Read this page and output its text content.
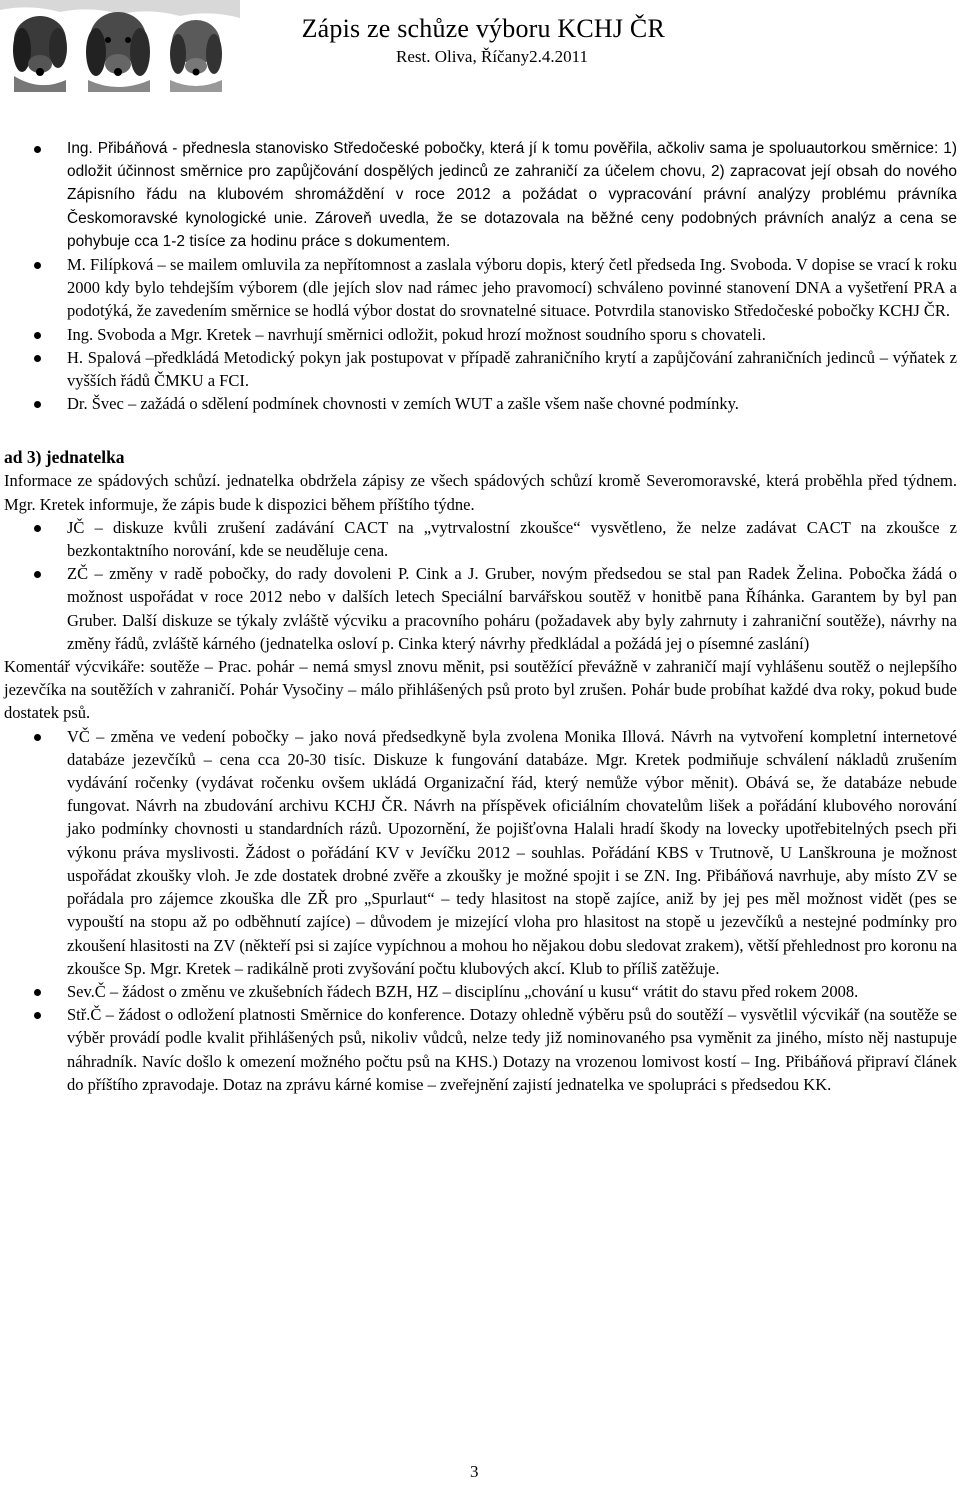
Zápis ze schůze výboru KCHJ ČR
Rest. Oliva, Říčany2.4.2011
Ing. Přibáňová - přednesla stanovisko Středočeské pobočky, která jí k tomu pověřila, ačkoliv sama je spoluautorkou směrnice: 1) odložit účinnost směrnice pro zapůjčování dospělých jedinců ze zahraničí za účelem chovu, 2) zapracovat její obsah do nového Zápisního řádu na klubovém shromáždění v roce 2012 a požádat o vypracování právní analýzy problému právníka Českomoravské kynologické unie. Zároveň uvedla, že se dotazovala na běžné ceny podobných právních analýz a cena se pohybuje cca 1-2 tisíce za hodinu práce s dokumentem.
M. Filípková – se mailem omluvila za nepřítomnost a zaslala výboru dopis, který četl předseda Ing. Svoboda. V dopise se vrací k roku 2000 kdy bylo tehdejším výborem (dle jejích slov nad rámec jeho pravomocí) schváleno povinné stanovení DNA a vyšetření PRA a podotýká, že zavedením směrnice se hodlá výbor dostat do srovnatelné situace. Potvrdila stanovisko Středočeské pobočky KCHJ ČR.
Ing. Svoboda a Mgr. Kretek – navrhují směrnici odložit, pokud hrozí možnost soudního sporu s chovateli.
H. Spalová –předkládá Metodický pokyn jak postupovat v případě zahraničního krytí a zapůjčování zahraničních jedinců – výňatek z vyšších řádů ČMKU a FCI.
Dr. Švec – zažádá o sdělení podmínek chovnosti v zemích WUT a zašle všem naše chovné podmínky.
ad 3) jednatelka

Informace ze spádových schůzí. jednatelka obdržela zápisy ze všech spádových schůzí kromě Severomoravské, která proběhla před týdnem. Mgr. Kretek informuje, že zápis bude k dispozici během příštího týdne.

JČ – diskuze kvůli zrušení zadávání CACT na „vytrvalostní zkoušce“ vysvětleno, že nelze zadávat CACT na zkoušce z bezkontaktního norování, kde se neuděluje cena.
ZČ – změny v radě pobočky, do rady dovoleni P. Cink a J. Gruber, novým předsedou se stal pan Radek Želina. Pobočka žádá o možnost uspořádat v roce 2012 nebo v dalších letech Speciální barvářskou soutěž v honitbě pana Říhánka. Garantem by byl pan Gruber. Další diskuze se týkaly zvláště výcviku a pracovního poháru (požadavek aby byly zahrnuty i zahraniční soutěže), návrhy na změny řádů, zvláště kárného (jednatelka osloví p. Cinka který návrhy předkládal a požádá jej o písemné zaslání)

Komentář výcvikáře: soutěže – Prac. pohár – nemá smysl znovu měnit, psi soutěžící převážně v zahraničí mají vyhlášenu soutěž o nejlepšího jezevčíka na soutěžích v zahraničí. Pohár Vysočiny – málo přihlášených psů proto byl zrušen. Pohár bude probíhat každé dva roky, pokud bude dostatek psů.

VČ – změna ve vedení pobočky – jako nová předsedkyně byla zvolena Monika Illová. Návrh na vytvoření kompletní internetové databáze jezevčíků – cena cca 20-30 tisíc. Diskuze k fungování databáze. Mgr. Kretek podmiňuje schválení nákladů zrušením vydávání ročenky (vydávat ročenku ovšem ukládá Organizační řád, který nemůže výbor měnit). Obává se, že databáze nebude fungovat. Návrh na zbudování archivu KCHJ ČR. Návrh na příspěvek oficiálním chovatelům lišek a pořádání klubového norování jako podmínky chovnosti u standardních rázů. Upozornění, že pojišťovna Halali hradí škody na lovecky upotřebitelných psech při výkonu práva myslivosti. Žádost o pořádání KV v Jevíčku 2012 – souhlas. Pořádání KBS v Trutnově, U Lanškrouna je možnost uspořádat zkoušky vloh. Je zde dostatek drobné zvěře a zkoušky je možné spojit i se ZN. Ing. Přibáňová navrhuje, aby místo ZV se pořádala pro zájemce zkouška dle ZŘ pro „Spurlaut“ – tedy hlasitost na stopě zajíce, aniž by jej pes měl možnost vidět (pes se vypouští na stopu až po odběhnutí zajíce) – důvodem je mizející vloha pro hlasitost na stopě u jezevčíků a nestejné podmínky pro zkoušení hlasitosti na ZV (někteří psi si zajíce vypíchnou a mohou ho nějakou dobu sledovat zrakem), větší přehlednost pro koronu na zkoušce Sp. Mgr. Kretek – radikálně proti zvyšování počtu klubových akcí. Klub to příliš zatěžuje.
Sev.Č – žádost o změnu ve zkušebních řádech BZH, HZ – disciplínu „chování u kusu“ vrátit do stavu před rokem 2008.
Stř.Č – žádost o odložení platnosti Směrnice do konference. Dotazy ohledně výběru psů do soutěží – vysvětlil výcvikář (na soutěže se výběr provádí podle kvalit přihlášených psů, nikoliv vůdců, nelze tedy již nominovaného psa vyměnit za jiného, místo něj nastupuje náhradník. Navíc došlo k omezení možného počtu psů na KHS.) Dotazy na vrozenou lomivost kostí – Ing. Přibáňová připraví článek do příštího zpravodaje. Dotaz na zprávu kárné komise – zveřejnění zajistí jednatelka ve spolupráci s předsedou KK.
3
